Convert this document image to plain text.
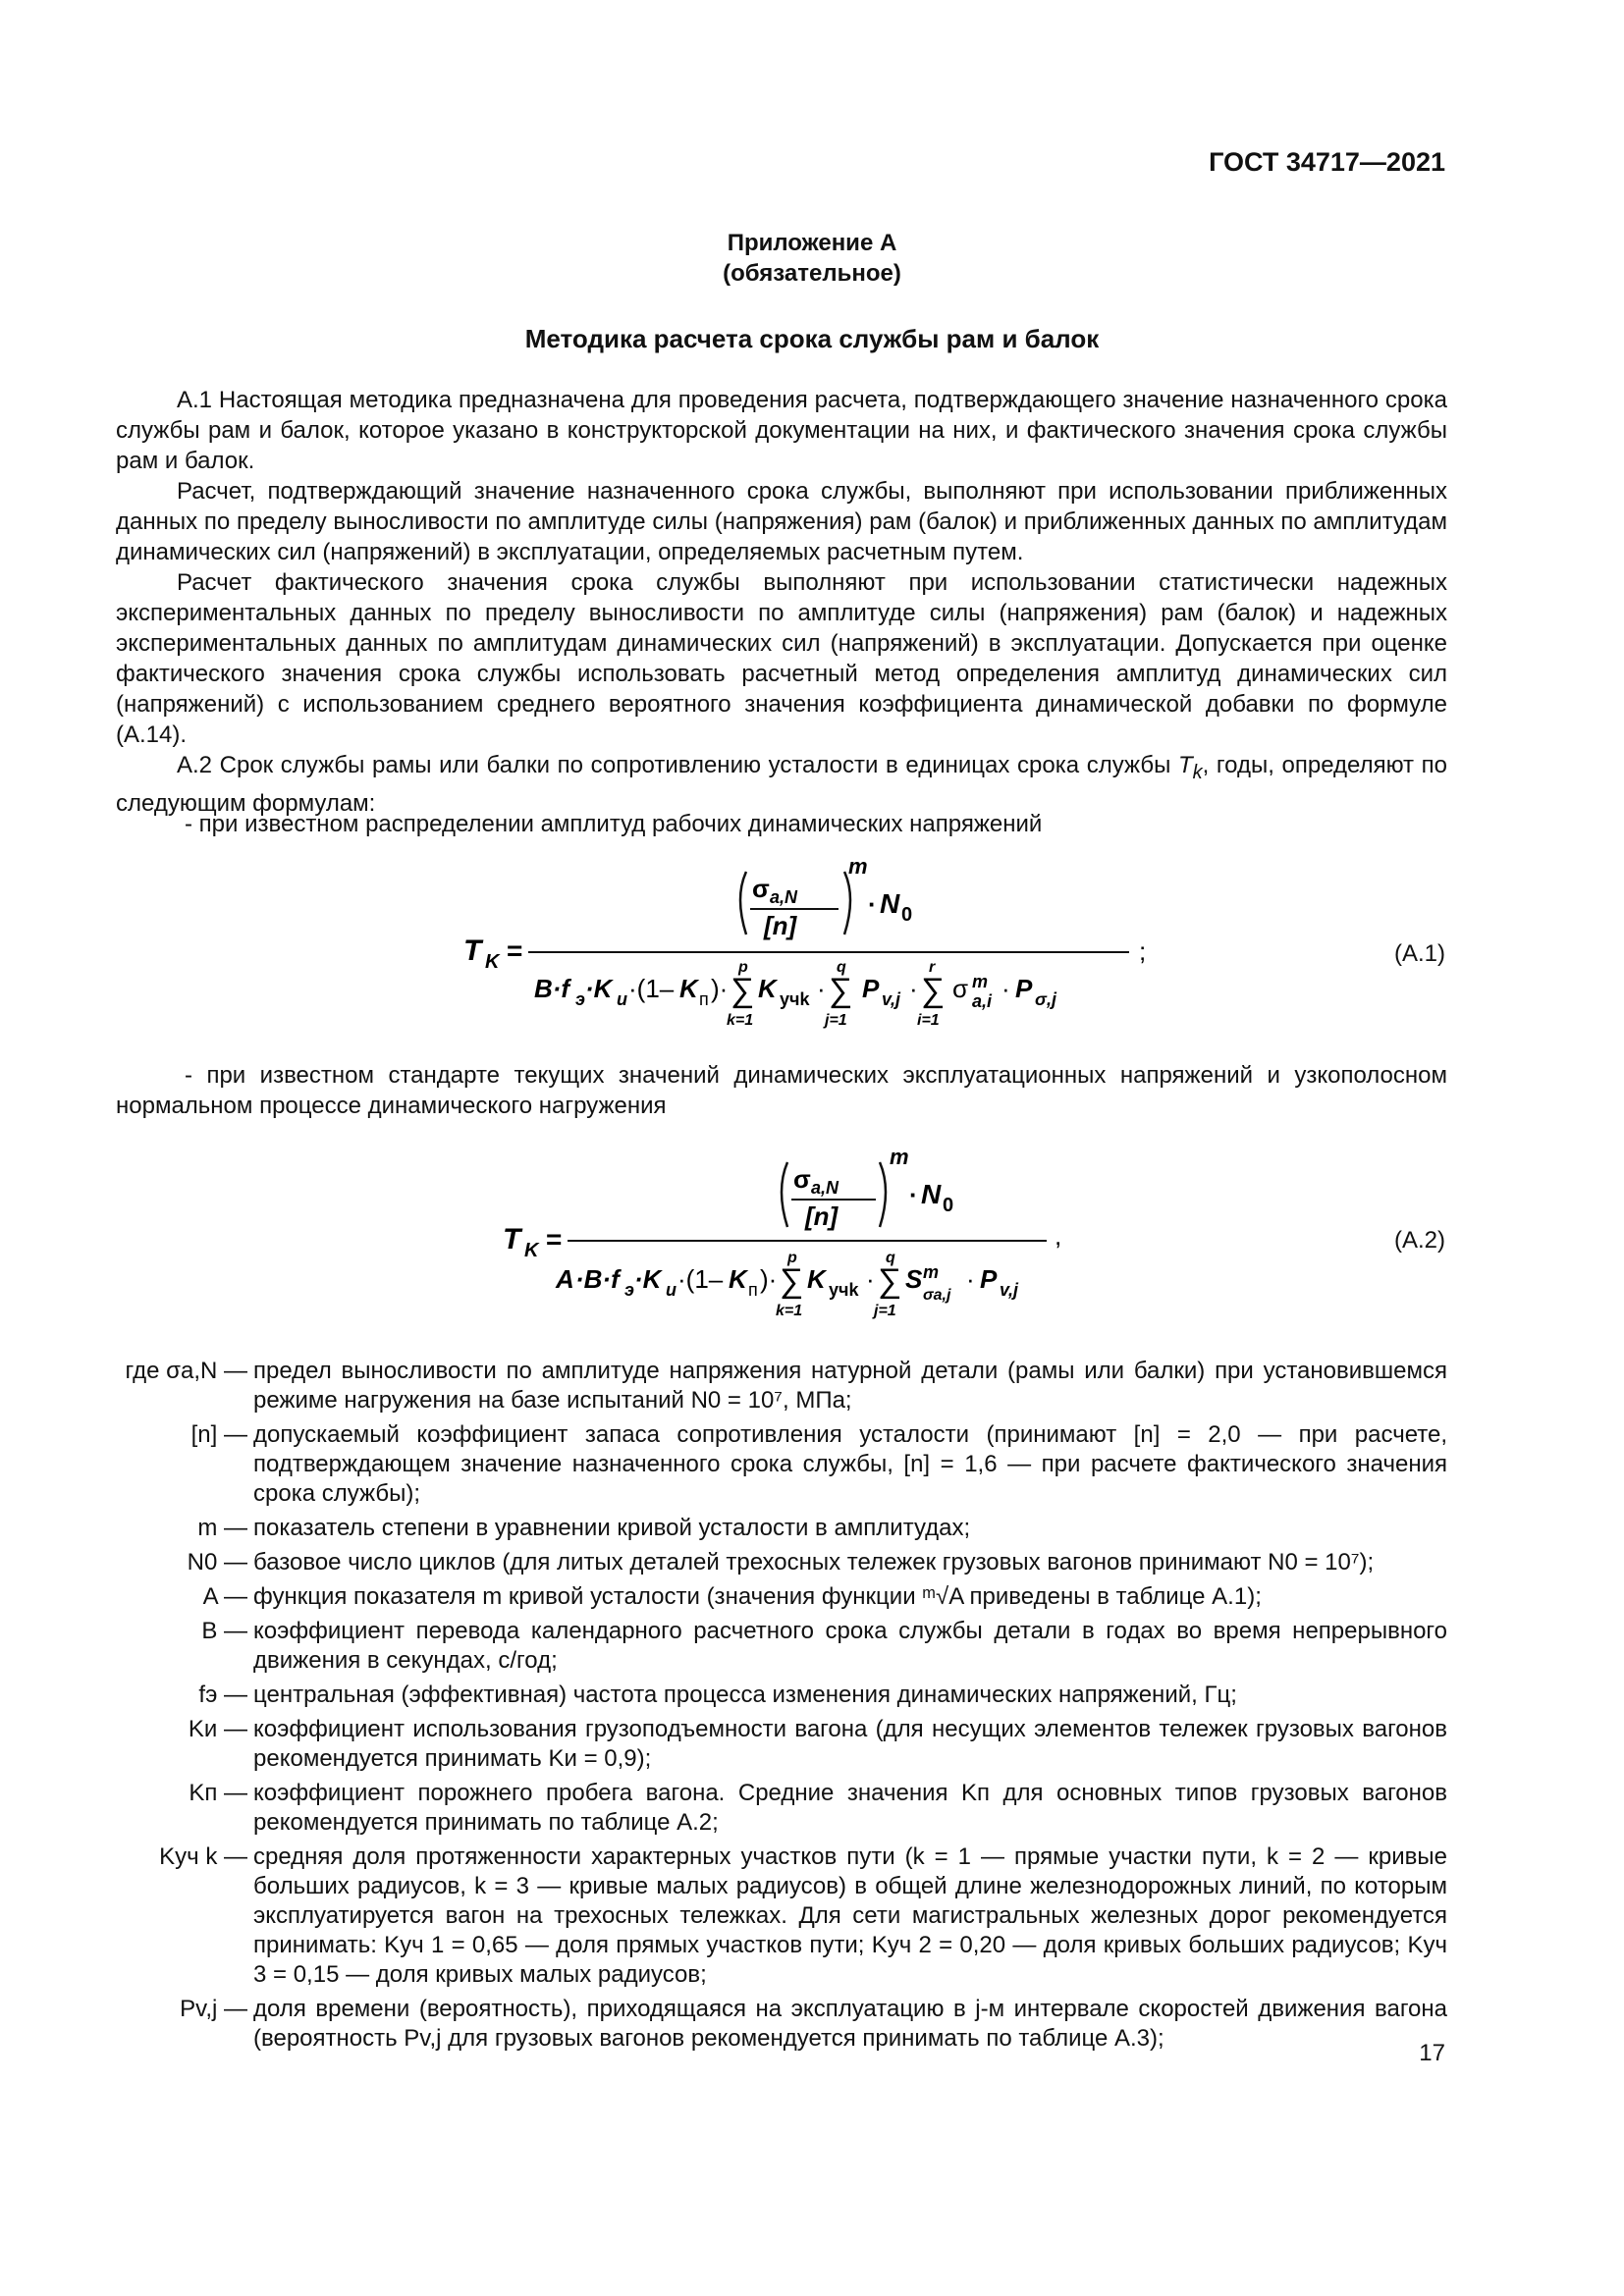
ГОСТ 34717—2021
Приложение А
(обязательное)
Методика расчета срока службы рам и балок

А.1 Настоящая методика предназначена для проведения расчета, подтверждающего значение назначенного срока службы рам и балок, которое указано в конструкторской документации на них, и фактического значения срока службы рам и балок.

Расчет, подтверждающий значение назначенного срока службы, выполняют при использовании приближенных данных по пределу выносливости по амплитуде силы (напряжения) рам (балок) и приближенных данных по амплитудам динамических сил (напряжений) в эксплуатации, определяемых расчетным путем.

Расчет фактического значения срока службы выполняют при использовании статистически надежных экспериментальных данных по пределу выносливости по амплитуде силы (напряжения) рам (балок) и надежных экспериментальных данных по амплитудам динамических сил (напряжений) в эксплуатации. Допускается при оценке фактического значения срока службы использовать расчетный метод определения амплитуд динамических сил (напряжений) с использованием среднего вероятного значения коэффициента динамической добавки по формуле (А.14).

А.2 Срок службы рамы или балки по сопротивлению усталости в единицах срока службы $T_k$, годы, определяют по следующим формулам:

- при известном распределении амплитуд рабочих динамических напряжений
T K =
σ a,N
[n]
m
· N 0
;
B·f э ·K и ·(1– K п )· ∑
p
k=1
K учk · ∑
q
j=1
P v,j · ∑
r
i=1
σ m
a,i · P σ,j
(А.1)
- при известном стандарте текущих значений динамических эксплуатационных напряжений и узкополосном нормальном процессе динамического нагружения
T K =
σ a,N
[n]
m
· N 0
,
A ·B·f э ·K и ·(1– K п )· ∑
p
k=1
K учk · ∑
q
j=1
S m
σa,j
· P v,j
(А.2)
где σa,N — предел выносливости по амплитуде напряжения натурной детали (рамы или балки) при установившемся режиме нагружения на базе испытаний N0 = 10⁷, МПа;
[n] — допускаемый коэффициент запаса сопротивления усталости (принимают [n] = 2,0 — при расчете, подтверждающем значение назначенного срока службы, [n] = 1,6 — при расчете фактического значения срока службы);
m — показатель степени в уравнении кривой усталости в амплитудах;
N0 — базовое число циклов (для литых деталей трехосных тележек грузовых вагонов принимают N0 = 10⁷);
A — функция показателя m кривой усталости (значения функции ᵐ√A приведены в таблице А.1);
B — коэффициент перевода календарного расчетного срока службы детали в годах во время непрерывного движения в секундах, с/год;
fэ — центральная (эффективная) частота процесса изменения динамических напряжений, Гц;
Kи — коэффициент использования грузоподъемности вагона (для несущих элементов тележек грузовых вагонов рекомендуется принимать Kи = 0,9);
Kп — коэффициент порожнего пробега вагона. Средние значения Kп для основных типов грузовых вагонов рекомендуется принимать по таблице А.2;
Kуч k — средняя доля протяженности характерных участков пути (k = 1 — прямые участки пути, k = 2 — кривые больших радиусов, k = 3 — кривые малых радиусов) в общей длине железнодорожных линий, по которым эксплуатируется вагон на трехосных тележках. Для сети магистральных железных дорог рекомендуется принимать: Kуч 1 = 0,65 — доля прямых участков пути; Kуч 2 = 0,20 — доля кривых больших радиусов; Kуч 3 = 0,15 — доля кривых малых радиусов;
Pv,j — доля времени (вероятность), приходящаяся на эксплуатацию в j-м интервале скоростей движения вагона (вероятность Pv,j для грузовых вагонов рекомендуется принимать по таблице А.3);
17
